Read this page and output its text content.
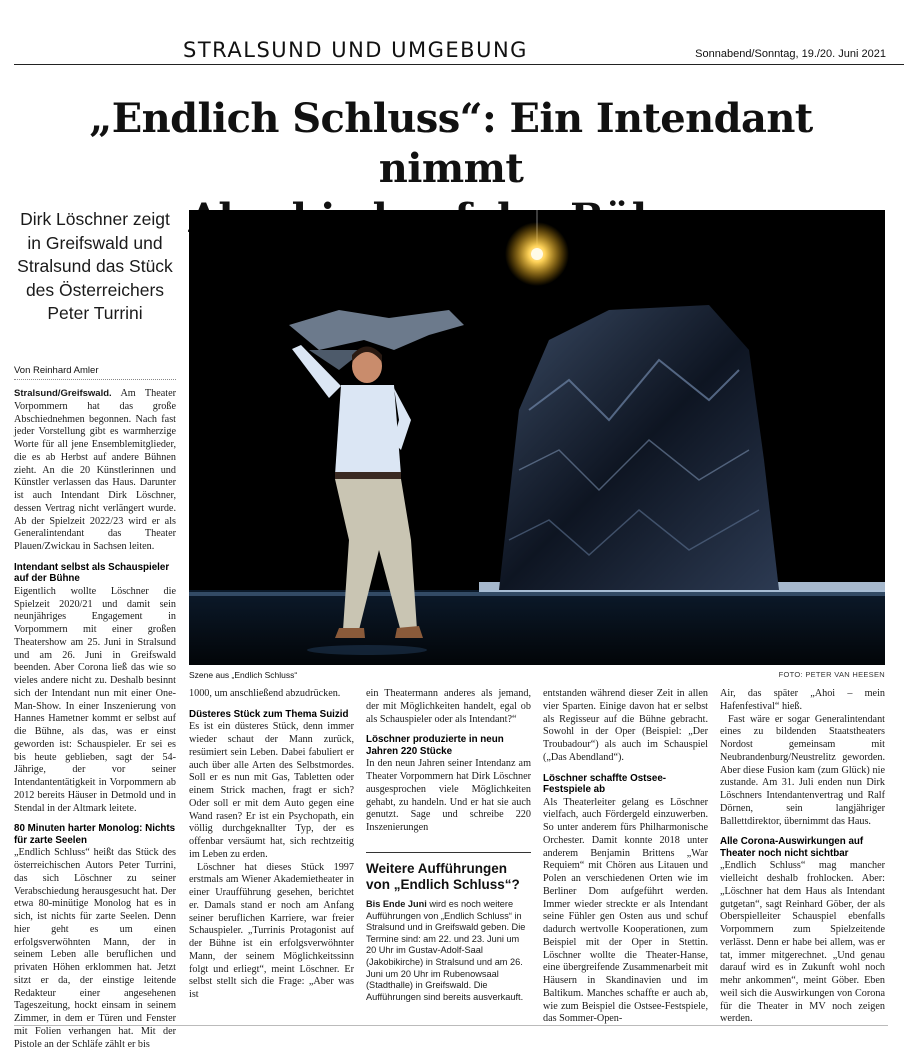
STRALSUND UND UMGEBUNG	Sonnabend/Sonntag, 19./20. Juni 2021
„Endlich Schluss“: Ein Intendant nimmt

Dirk Löschner zeigt in Greifswald und Stralsund das Stück des Österreichers Peter Turrini
Von Reinhard Amler
Szene aus „Endlich Schluss“	FOTO: PETER VAN HEESEN

Stralsund/Greifswald. Am Theater Vorpommern hat das große Abschiednehmen begonnen. Nach fast jeder Vorstellung gibt es warmherzige Worte für all jene Ensemblemitglieder, die es ab Herbst auf andere Bühnen zieht. An die 20 Künstlerinnen und Künstler verlassen das Haus. Darunter ist auch Intendant Dirk Löschner, dessen Vertrag nicht verlängert wurde. Ab der Spielzeit 2022/23 wird er als Generalintendant das Theater Plauen/Zwickau in Sachsen leiten.

Intendant selbst als Schauspieler auf der Bühne

Eigentlich wollte Löschner die Spielzeit 2020/21 und damit sein neunjähriges Engagement in Vorpommern mit einer großen Theatershow am 25. Juni in Stralsund und am 26. Juni in Greifswald beenden. Aber Corona ließ das wie so vieles andere nicht zu. Deshalb besinnt sich der Intendant nun mit einer One-Man-Show. In einer Inszenierung von Hannes Hametner kommt er selbst auf die Bühne, als das, was er einst geworden ist: Schauspieler. Er sei es bis heute geblieben, sagt der 54-Jährige, der vor seiner Intendantentätigkeit in Vorpommern ab 2012 bereits Häuser in Detmold und in Stendal in der Altmark leitete.

80 Minuten harter Monolog: Nichts für zarte Seelen

„Endlich Schluss“ heißt das Stück des österreichischen Autors Peter Turrini, das sich Löschner zu seiner Verabschiedung herausgesucht hat. Der etwa 80-minütige Monolog hat es in sich, ist nichts für zarte Seelen. Denn hier geht es um einen erfolgsverwöhnten Mann, der in seinem Leben alle beruflichen und privaten Höhen erklommen hat. Jetzt sitzt er da, der einstige leitende Redakteur einer angesehenen Tageszeitung, hockt einsam in seinem Zimmer, in dem er Türen und Fenster mit Folien verhangen hat. Mit der Pistole an der Schläfe zählt er bis

1000, um anschließend abzudrücken.

Düsteres Stück zum Thema Suizid

Es ist ein düsteres Stück, denn immer wieder schaut der Mann zurück, resümiert sein Leben. Dabei fabuliert er auch über alle Arten des Selbstmordes. Soll er es nun mit Gas, Tabletten oder einem Strick machen, fragt er sich? Oder soll er mit dem Auto gegen eine Wand rasen? Er ist ein Psychopath, ein völlig durchgeknallter Typ, der es offenbar versäumt hat, sich rechtzeitig im Leben zu erden.

Löschner hat dieses Stück 1997 erstmals am Wiener Akademietheater in einer Uraufführung gesehen, berichtet er. Damals stand er noch am Anfang seiner beruflichen Karriere, war freier Schauspieler. „Turrinis Protagonist auf der Bühne ist ein erfolgsverwöhnter Mann, der seinem Möglichkeitssinn folgt und erliegt“, meint Löschner. Er selbst stellt sich die Frage: „Aber was ist

ein Theatermann anderes als jemand, der mit Möglichkeiten handelt, egal ob als Schauspieler oder als Intendant?“

Löschner produzierte in neun Jahren 220 Stücke

In den neun Jahren seiner Intendanz am Theater Vorpommern hat Dirk Löschner ausgesprochen viele Möglichkeiten gehabt, zu handeln. Und er hat sie auch genutzt. Sage und schreibe 220 Inszenierungen

Weitere Aufführungen von „Endlich Schluss“?
Bis Ende Juni wird es noch weitere Aufführungen von „Endlich Schluss“ in Stralsund und in Greifswald geben. Die Termine sind: am 22. und 23. Juni um 20 Uhr im Gustav-Adolf-Saal (Jakobikirche) in Stralsund und am 26. Juni um 20 Uhr im Rubenowsaal (Stadthalle) in Greifswald. Die Aufführungen sind bereits ausverkauft.

entstanden während dieser Zeit in allen vier Sparten. Einige davon hat er selbst als Regisseur auf die Bühne gebracht. Sowohl in der Oper (Beispiel: „Der Troubadour“) als auch im Schauspiel („Das Abendland“).

Löschner schaffte Ostsee-Festspiele ab

Als Theaterleiter gelang es Löschner vielfach, auch Fördergeld einzuwerben. So unter anderem fürs Philharmonische Orchester. Damit konnte 2018 unter anderem Benjamin Brittens „War Requiem“ mit Chören aus Litauen und Polen an verschiedenen Orten wie im Berliner Dom aufgeführt werden. Immer wieder streckte er als Intendant seine Fühler gen Osten aus und schuf dadurch wertvolle Kooperationen, zum Beispiel mit der Oper in Stettin. Löschner wollte die Theater-Hanse, eine übergreifende Zusammenarbeit mit Häusern in Skandinavien und im Baltikum. Manches schaffte er auch ab, wie zum Beispiel die Ostsee-Festspiele, das Sommer-Open-

Air, das später „Ahoi – mein Hafenfestival“ hieß.

Fast wäre er sogar Generalintendant eines zu bildenden Staatstheaters Nordost gemeinsam mit Neubrandenburg/Neustrelitz geworden. Aber diese Fusion kam (zum Glück) nie zustande. Am 31. Juli enden nun Dirk Löschners Intendantenvertrag und Ralf Dörnen, sein langjähriger Ballettdirektor, übernimmt das Haus.

Alle Corona-Auswirkungen auf Theater noch nicht sichtbar

„Endlich Schluss“ mag mancher vielleicht deshalb frohlocken. Aber: „Löschner hat dem Haus als Intendant gutgetan“, sagt Reinhard Göber, der als Oberspielleiter Schauspiel ebenfalls Vorpommern zum Spielzeitende verlässt. Denn er habe bei allem, was er tat, immer mitgerechnet. „Und genau darauf wird es in Zukunft wohl noch mehr ankommen“, meint Göber. Eben weil sich die Auswirkungen von Corona für die Theater in MV noch zeigen werden.
